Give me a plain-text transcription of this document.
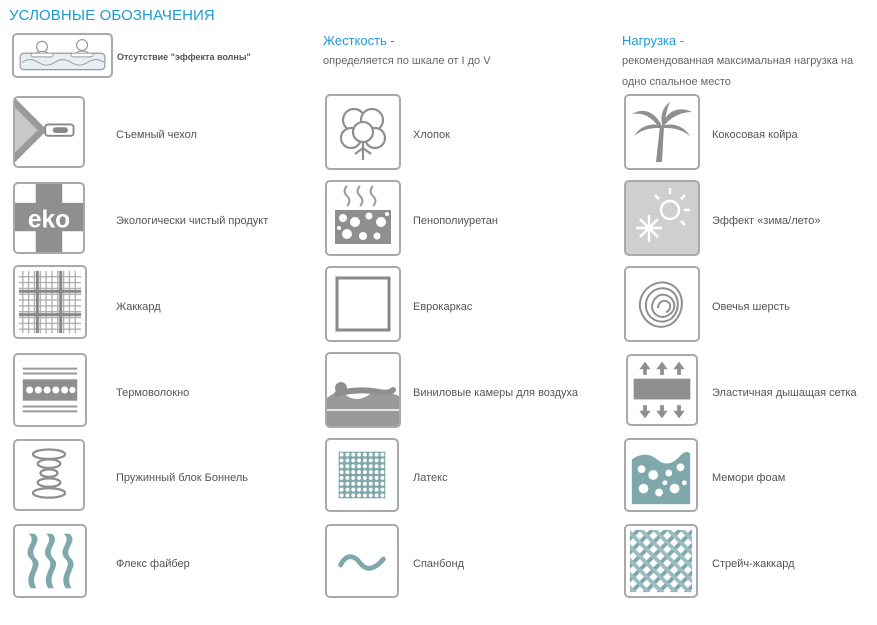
УСЛОВНЫЕ ОБОЗНАЧЕНИЯ
Отсутствие "эффекта волны"
Жесткость -
определяется по шкале от I до V
Нагрузка -
рекомендованная максимальная нагрузка на одно спальное место
Съемный чехол
eko	Экологически чистый продукт
Жаккард
Термоволокно
Пружинный блок Боннель
Флекс файбер
Хлопок
Пенополиуретан
Еврокаркас
Виниловые камеры для воздуха
Латекс
Спанбонд
Кокосовая койра
Эффект «зима/лето»
Овечья шерсть
Эластичная дышащая сетка
Мемори фоам
Стрейч-жаккард
